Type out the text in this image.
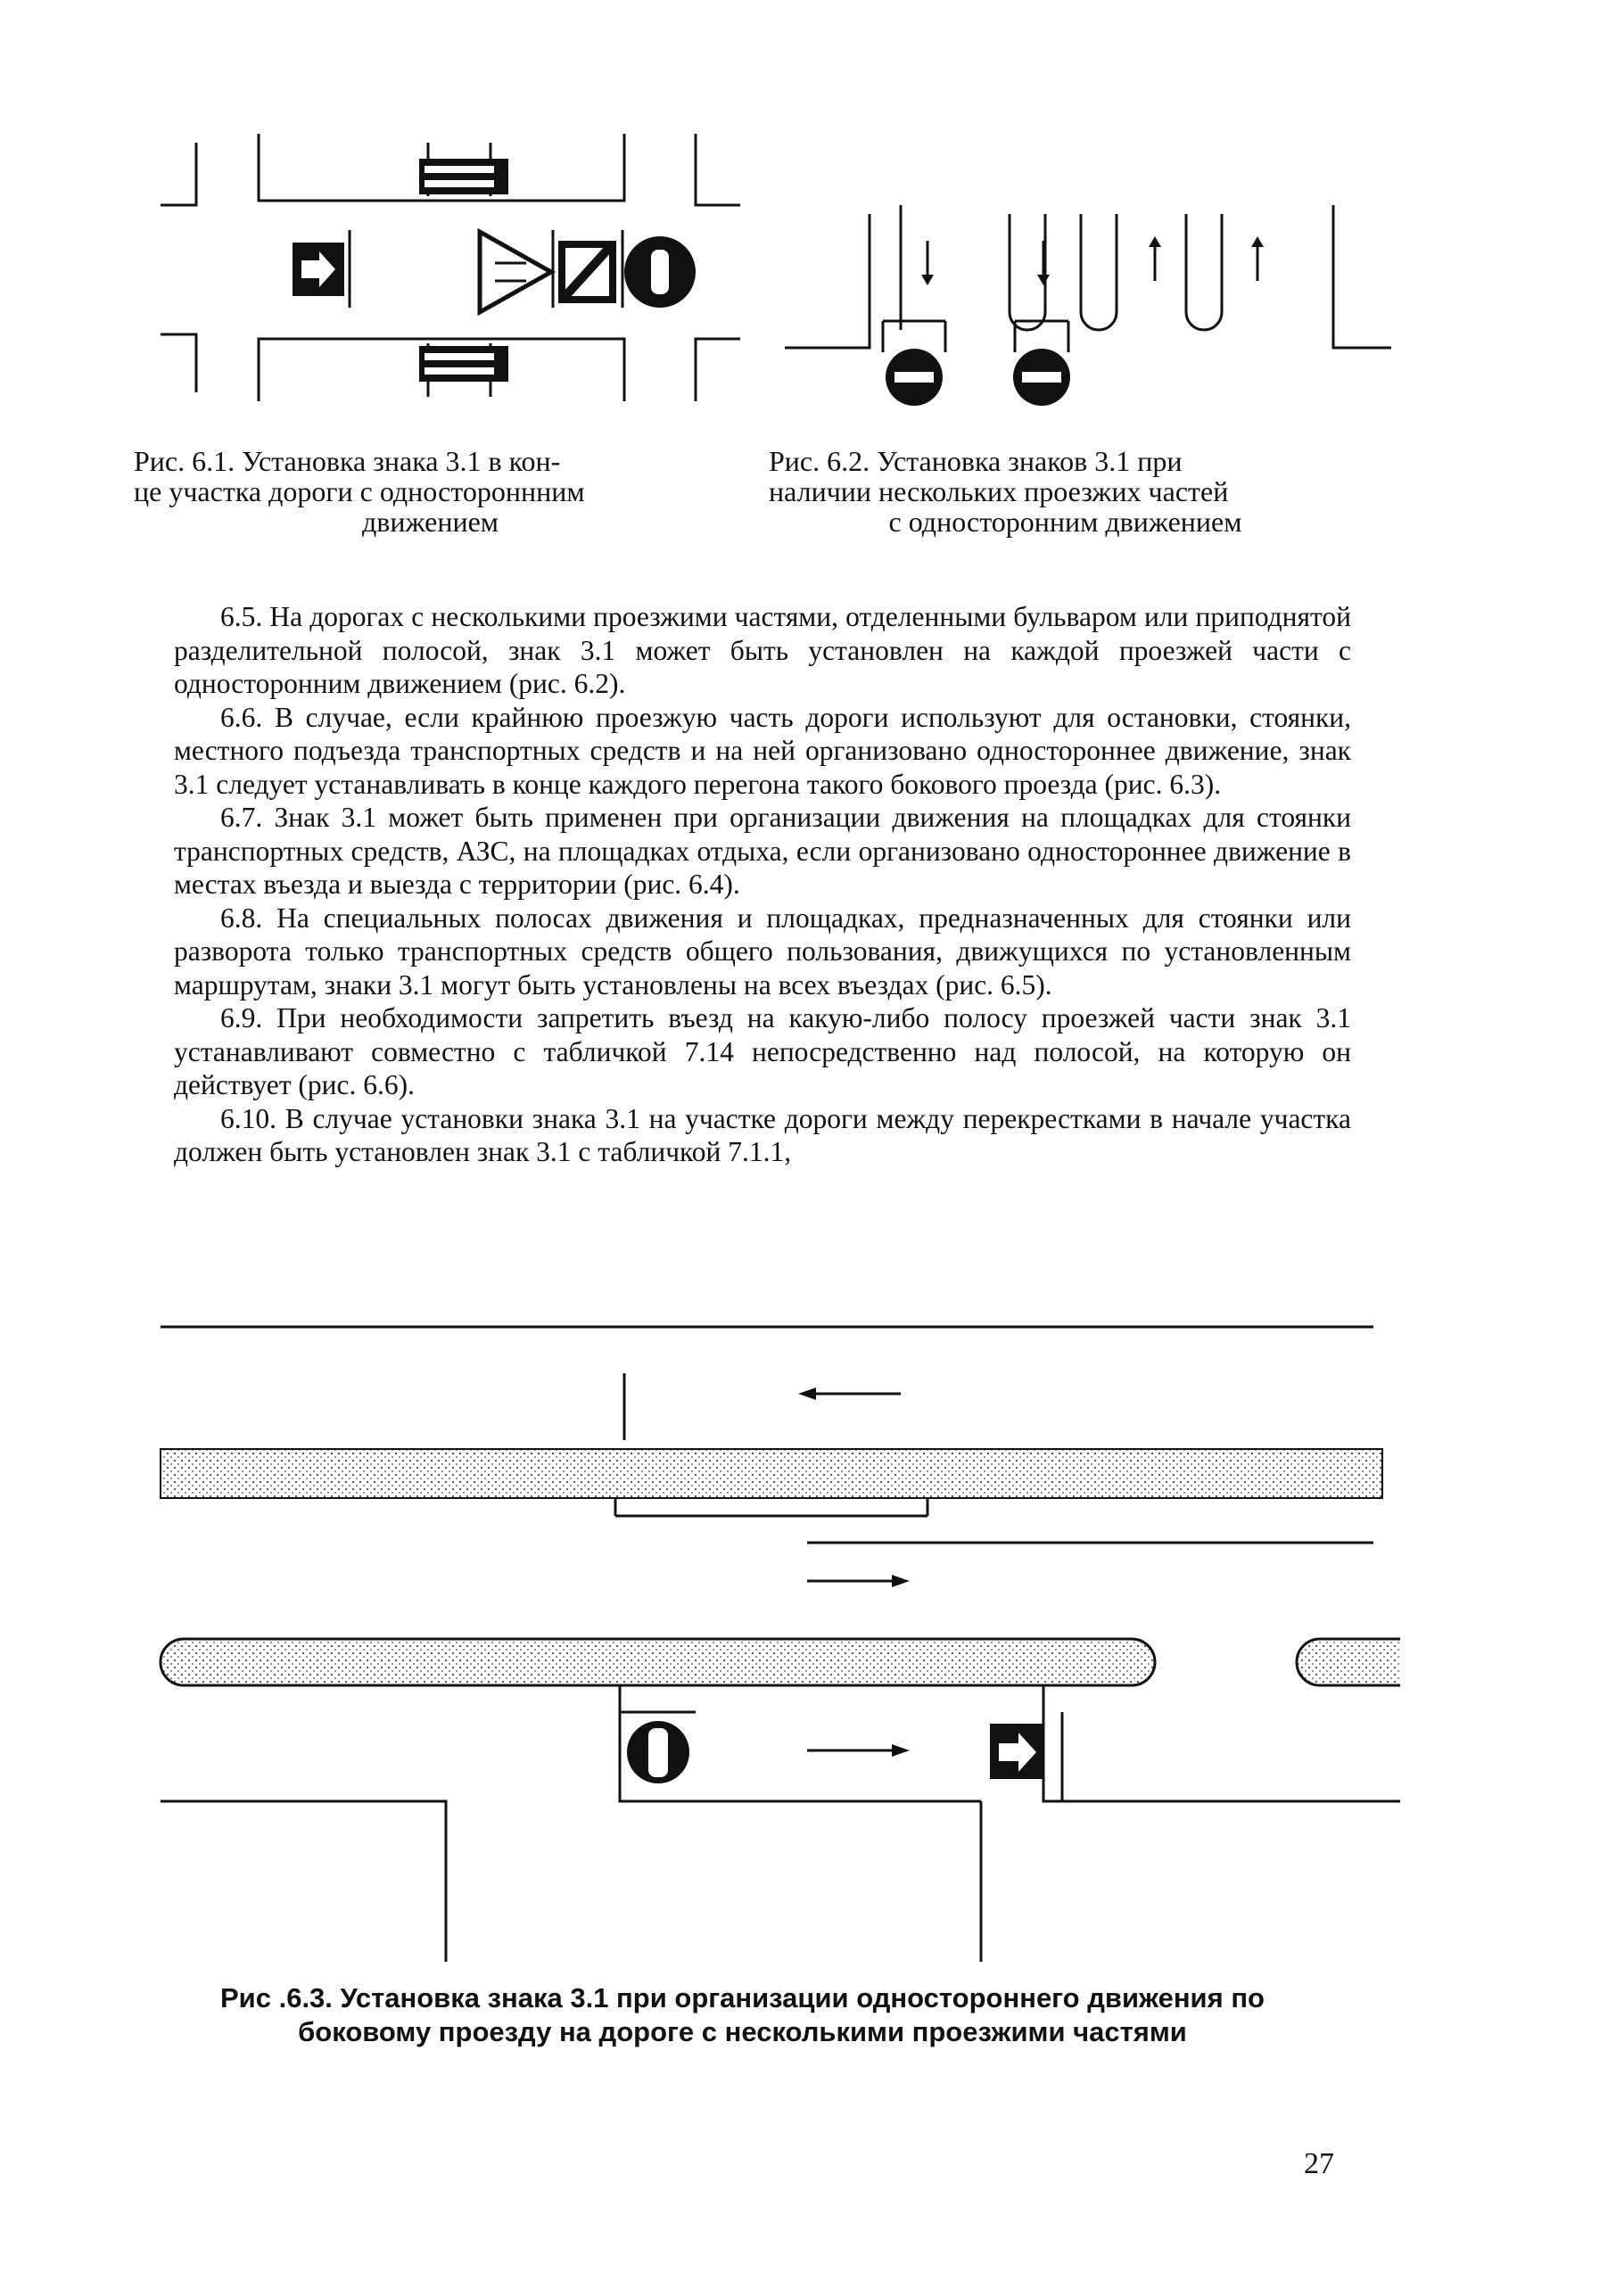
Рис. 6.1. Установка знака 3.1 в кон-
це участка дороги с одностороннним
движением
Рис. 6.2. Установка знаков 3.1 при
наличии нескольких проезжих частей
с односторонним движением

6.5. На дорогах с несколькими проезжими частями, отделенными бульваром или приподнятой разделительной полосой, знак 3.1 может быть установлен на каждой проезжей части с односторонним движением (рис. 6.2).

6.6. В случае, если крайнюю проезжую часть дороги используют для остановки, стоянки, местного подъезда транспортных средств и на ней организовано одностороннее движение, знак 3.1 следует устанавливать в конце каждого перегона такого бокового проезда (рис. 6.3).

6.7. Знак 3.1 может быть применен при организации движения на площадках для стоянки транспортных средств, АЗС, на площадках отдыха, если организовано одностороннее движение в местах въезда и выезда с территории (рис. 6.4).

6.8. На специальных полосах движения и площадках, предназначенных для стоянки или разворота только транспортных средств общего пользования, движущихся по установленным маршрутам, знаки 3.1 могут быть установлены на всех въездах (рис. 6.5).

6.9. При необходимости запретить въезд на какую-либо полосу проезжей части знак 3.1 устанавливают совместно с табличкой 7.14 непосредственно над полосой, на которую он действует (рис. 6.6).

6.10. В случае установки знака 3.1 на участке дороги между перекрестками в начале участка должен быть установлен знак 3.1 с табличкой 7.1.1,

Рис .6.3. Установка знака 3.1 при организации одностороннего движения по
боковому проезду на дороге с несколькими проезжими частями
27
